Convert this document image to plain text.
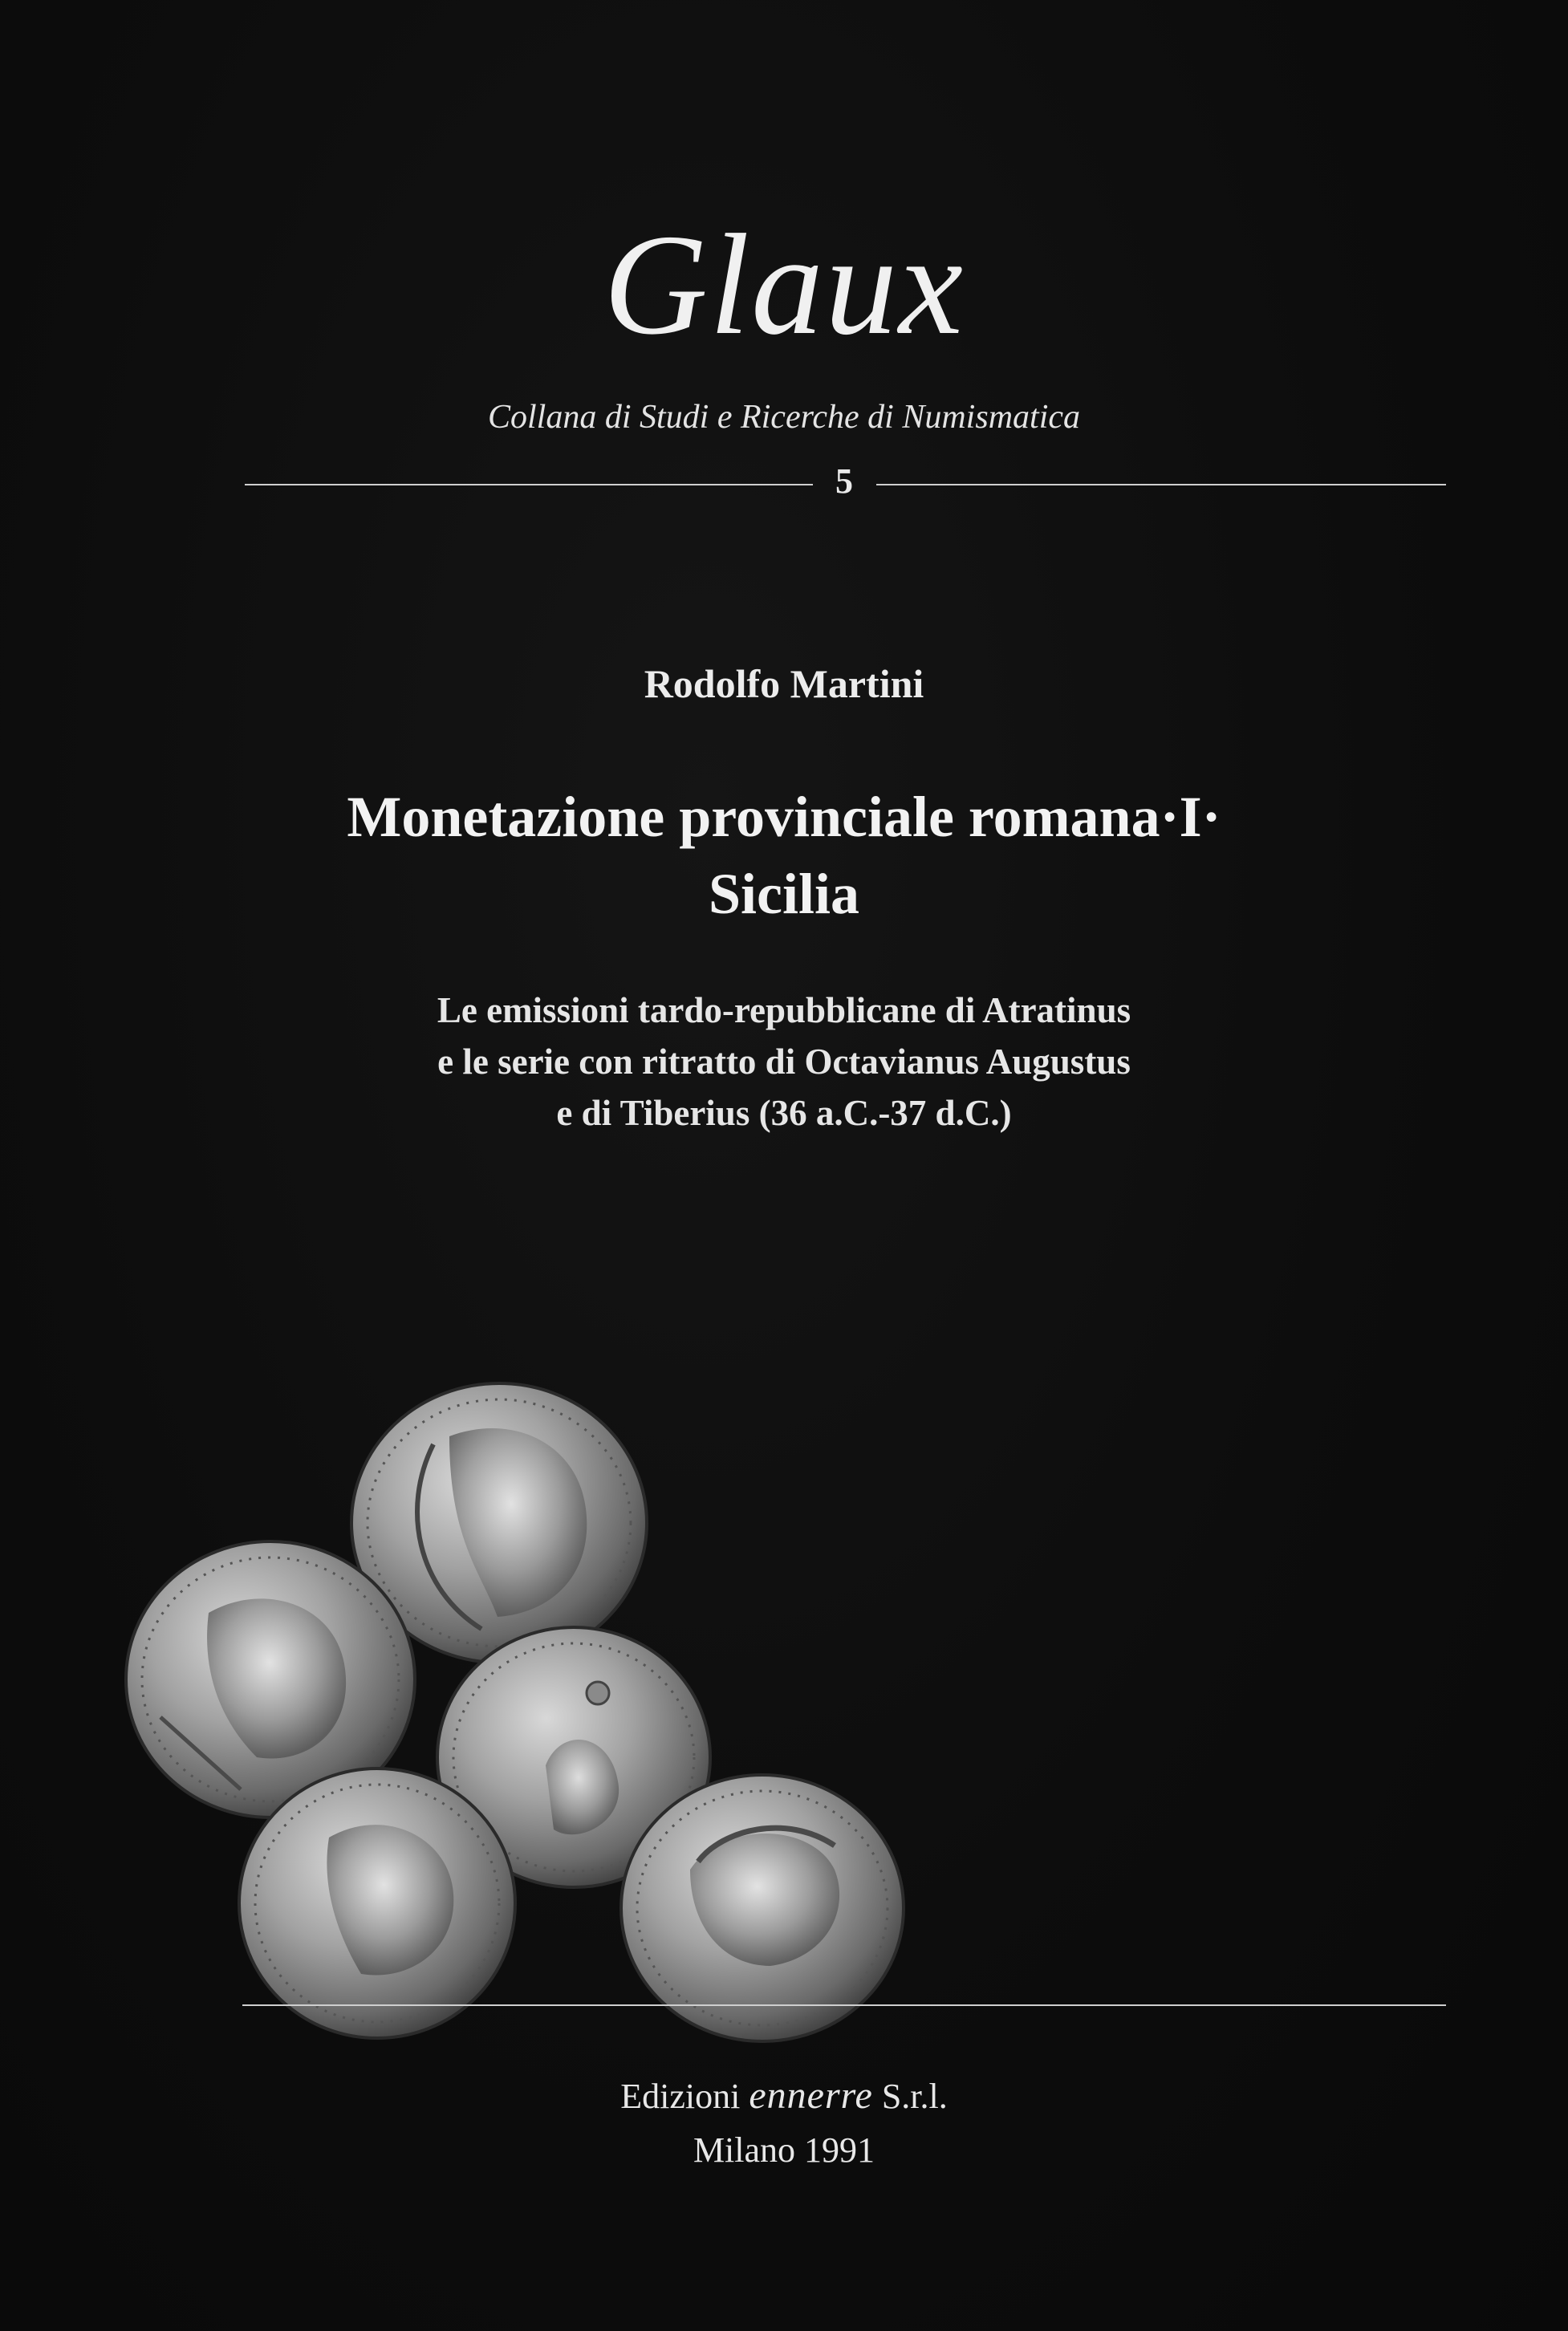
Glaux
Collana di Studi e Ricerche di Numismatica
5
Rodolfo Martini
Monetazione provinciale romana·I·
Sicilia
Le emissioni tardo-repubblicane di Atratinus
e le serie con ritratto di Octavianus Augustus
e di Tiberius (36 a.C.-37 d.C.)
Edizioni ennerre S.r.l.
Milano 1991
